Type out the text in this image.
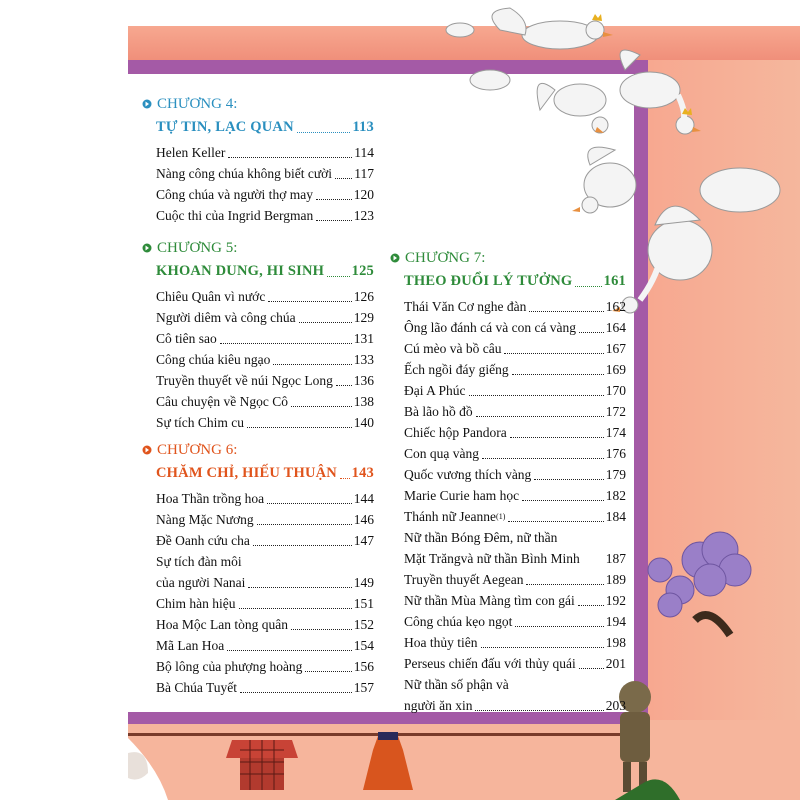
CHƯƠNG 4:
TỰ TIN, LẠC QUAN	113
Helen Keller	114
Nàng công chúa không biết cười 117
Công chúa và người thợ may	120
Cuộc thi của Ingrid Bergman	123
CHƯƠNG 5:
KHOAN DUNG, HI SINH 125
Chiêu Quân vì nước	126
Người diêm và công chúa	129
Cô tiên sao	131
Công chúa kiêu ngạo	133
Truyền thuyết về núi Ngọc Long 136
Câu chuyện về Ngọc Cô	138
Sự tích Chim cu	140
CHƯƠNG 6:
CHĂM CHỈ, HIẾU THUẬN 143
Hoa Thần trồng hoa	144
Nàng Mặc Nương	146
Đề Oanh cứu cha	147
Sự tích đàn môi
của người Nanai	149
Chim hàn hiệu	151
Hoa Mộc Lan tòng quân	152
Mã Lan Hoa	154
Bộ lông của phượng hoàng	156
Bà Chúa Tuyết	157
CHƯƠNG 7:
THEO ĐUỔI LÝ TƯỞNG 161
Thái Văn Cơ nghe đàn	162
Ông lão đánh cá và con cá vàng 164
Cú mèo và bồ câu	167
Ếch ngồi đáy giếng	169
Đại A Phúc	170
Bà lão hồ đồ	172
Chiếc hộp Pandora	174
Con quạ vàng	176
Quốc vương thích vàng	179
Marie Curie ham học	182
Thánh nữ Jeanne (1)	184
Nữ thần Bóng Đêm, nữ thần
Mặt Trăngvà nữ thần Bình Minh 187
Truyền thuyết Aegean	189
Nữ thần Mùa Màng tìm con gái 192
Công chúa kẹo ngọt	194
Hoa thủy tiên	198
Perseus chiến đấu với thủy quái 201
Nữ thần số phận và
người ăn xin	203
